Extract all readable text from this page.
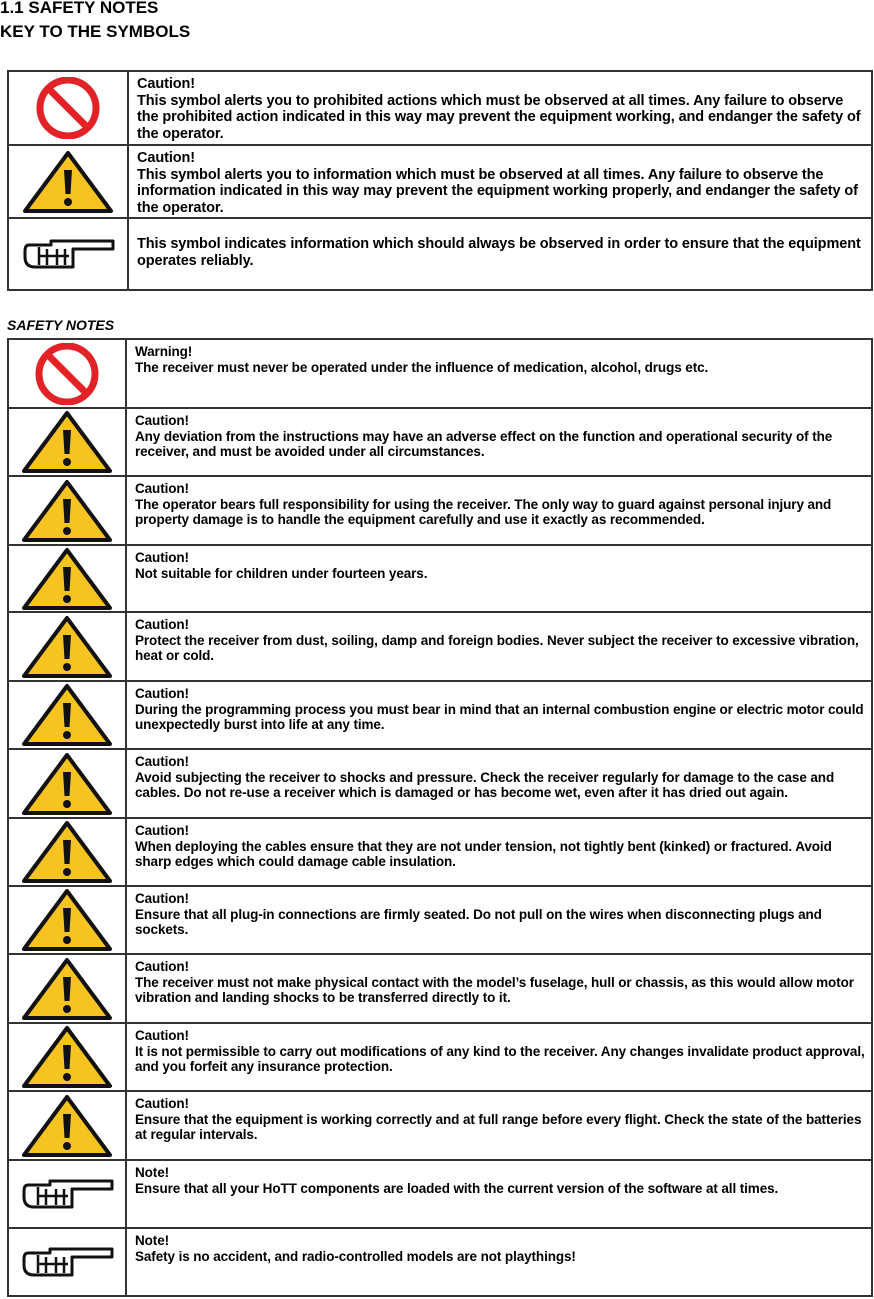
1.1 SAFETY NOTES
KEY TO THE SYMBOLS

Caution!
This symbol alerts you to prohibited actions which must be observed at all times. Any failure to observe the prohibited action indicated in this way may prevent the equipment working, and endanger the safety of the operator.

Caution!
This symbol alerts you to information which must be observed at all times. Any failure to observe the information indicated in this way may prevent the equipment working properly, and endanger the safety of the operator.

This symbol indicates information which should always be observed in order to ensure that the equipment operates reliably.
SAFETY NOTES

Warning!
The receiver must never be operated under the influence of medication, alcohol, drugs etc.

Caution!
Any deviation from the instructions may have an adverse effect on the function and operational security of the receiver, and must be avoided under all circumstances.

Caution!
The operator bears full responsibility for using the receiver. The only way to guard against personal injury and property damage is to handle the equipment carefully and use it exactly as recommended.

Caution!
Not suitable for children under fourteen years.

Caution!
Protect the receiver from dust, soiling, damp and foreign bodies. Never subject the receiver to excessive vibration, heat or cold.

Caution!
During the programming process you must bear in mind that an internal combustion engine or electric motor could unexpectedly burst into life at any time.

Caution!
Avoid subjecting the receiver to shocks and pressure. Check the receiver regularly for damage to the case and cables. Do not re-use a receiver which is damaged or has become wet, even after it has dried out again.

Caution!
When deploying the cables ensure that they are not under tension, not tightly bent (kinked) or fractured. Avoid sharp edges which could damage cable insulation.

Caution!
Ensure that all plug-in connections are firmly seated. Do not pull on the wires when disconnecting plugs and sockets.

Caution!
The receiver must not make physical contact with the model’s fuselage, hull or chassis, as this would allow motor vibration and landing shocks to be transferred directly to it.

Caution!
It is not permissible to carry out modifications of any kind to the receiver. Any changes invalidate product approval, and you forfeit any insurance protection.

Caution!
Ensure that the equipment is working correctly and at full range before every flight. Check the state of the batteries at regular intervals.

Note!
Ensure that all your HoTT components are loaded with the current version of the software at all times.

Note!
Safety is no accident, and radio-controlled models are not playthings!
